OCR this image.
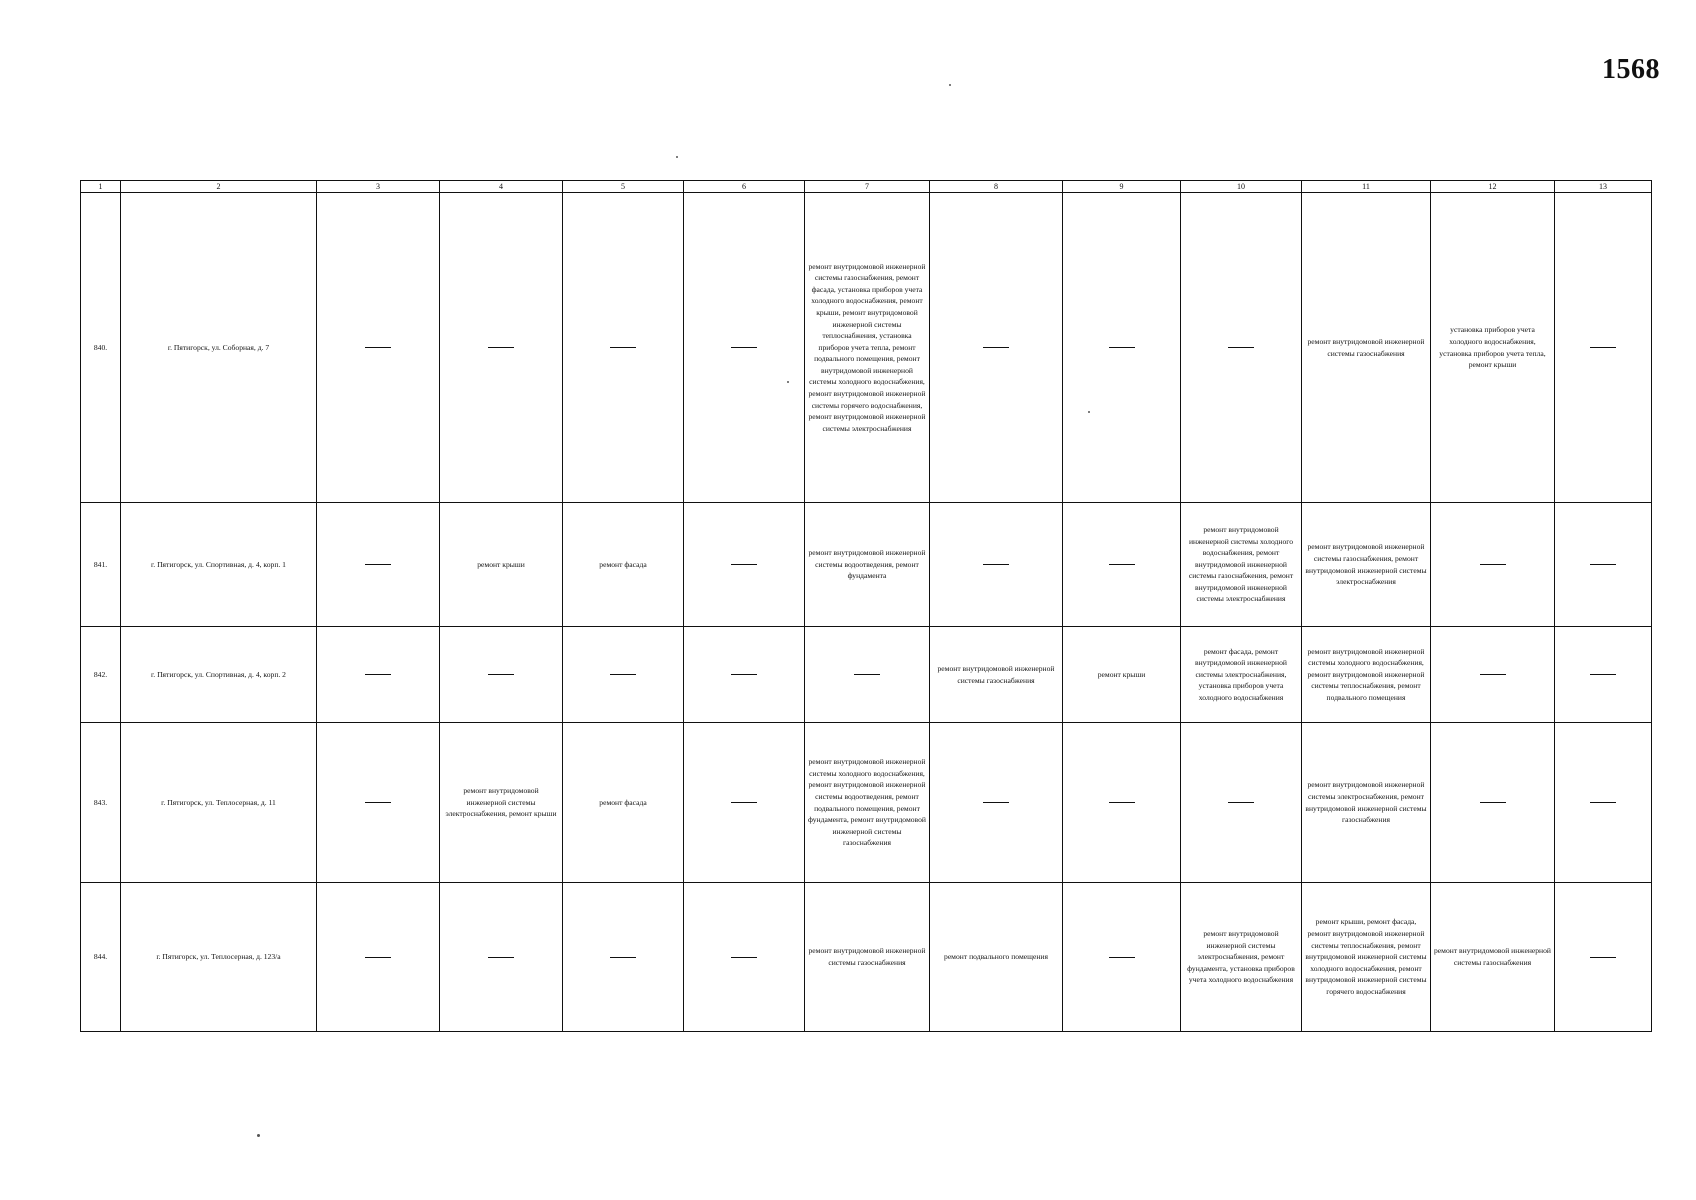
1568
1	2	3	4	5	6	7	8	9	10	11	12	13
840.	г. Пятигорск, ул. Соборная, д. 7					ремонт внутридомовой инженерной системы газоснабжения, ремонт фасада, установка приборов учета холодного водоснабжения, ремонт крыши, ремонт внутридомовой инженерной системы теплоснабжения, установка приборов учета тепла, ремонт подвального помещения, ремонт внутридомовой инженерной системы холодного водоснабжения, ремонт внутридомовой инженерной системы горячего водоснабжения, ремонт внутридомовой инженерной системы электроснабжения				ремонт внутридомовой инженерной системы газоснабжения	установка приборов учета холодного водоснабжения, установка приборов учета тепла, ремонт крыши	
841.	г. Пятигорск, ул. Спортивная, д. 4, корп. 1		ремонт крыши	ремонт фасада		ремонт внутридомовой инженерной системы водоотведения, ремонт фундамента			ремонт внутридомовой инженерной системы холодного водоснабжения, ремонт внутридомовой инженерной системы газоснабжения, ремонт внутридомовой инженерной системы электроснабжения	ремонт внутридомовой инженерной системы газоснабжения, ремонт внутридомовой инженерной системы электроснабжения		
842.	г. Пятигорск, ул. Спортивная, д. 4, корп. 2						ремонт внутридомовой инженерной системы газоснабжения	ремонт крыши	ремонт фасада, ремонт внутридомовой инженерной системы электроснабжения, установка приборов учета холодного водоснабжения	ремонт внутридомовой инженерной системы холодного водоснабжения, ремонт внутридомовой инженерной системы теплоснабжения, ремонт подвального помещения		
843.	г. Пятигорск, ул. Теплосерная, д. 11		ремонт внутридомовой инженерной системы электроснабжения, ремонт крыши	ремонт фасада		ремонт внутридомовой инженерной системы холодного водоснабжения, ремонт внутридомовой инженерной системы водоотведения, ремонт подвального помещения, ремонт фундамента, ремонт внутридомовой инженерной системы газоснабжения				ремонт внутридомовой инженерной системы электроснабжения, ремонт внутридомовой инженерной системы газоснабжения		
844.	г. Пятигорск, ул. Теплосерная, д. 123/а					ремонт внутридомовой инженерной системы газоснабжения	ремонт подвального помещения		ремонт внутридомовой инженерной системы электроснабжения, ремонт фундамента, установка приборов учета холодного водоснабжения	ремонт крыши, ремонт фасада, ремонт внутридомовой инженерной системы теплоснабжения, ремонт внутридомовой инженерной системы холодного водоснабжения, ремонт внутридомовой инженерной системы горячего водоснабжения	ремонт внутридомовой инженерной системы газоснабжения	
